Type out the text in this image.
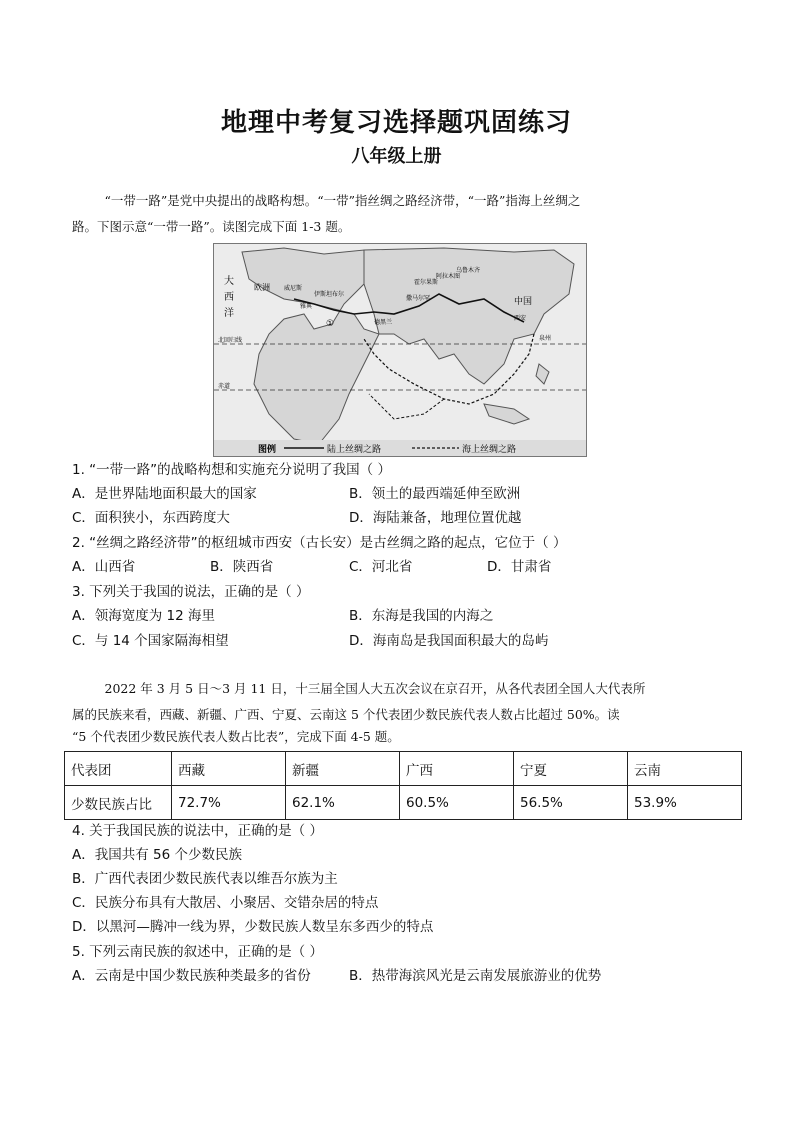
地理中考复习选择题巩固练习
八年级上册
“一带一路”是党中央提出的战略构想。“一带”指丝绸之路经济带，“一路”指海上丝绸之
路。下图示意“一带一路”。读图完成下面 1-3 题。
图例	陆上丝绸之路	海上丝绸之路
大
西
洋
欧洲
伊斯坦布尔
威尼斯
雅典
霍尔果斯
阿拉木图
撒马尔罕
乌鲁木齐
中国
西安
泉州
德黑兰
北回归线
赤道
①
1. “一带一路”的战略构想和实施充分说明了我国（ ）
A．是世界陆地面积最大的国家	B．领土的最西端延伸至欧洲
C．面积狭小，东西跨度大	D．海陆兼备，地理位置优越
2. “丝绸之路经济带”的枢纽城市西安（古长安）是古丝绸之路的起点，它位于（ ）
A．山西省	B．陕西省	C．河北省	D．甘肃省
3. 下列关于我国的说法，正确的是（ ）
A．领海宽度为 12 海里	B．东海是我国的内海之
C．与 14 个国家隔海相望	D．海南岛是我国面积最大的岛屿
2022 年 3 月 5 日～3 月 11 日，十三届全国人大五次会议在京召开，从各代表团全国人大代表所
属的民族来看，西藏、新疆、广西、宁夏、云南这 5 个代表团少数民族代表人数占比超过 50%。读
“5 个代表团少数民族代表人数占比表”，完成下面 4-5 题。
代表团	西藏	新疆	广西	宁夏	云南
少数民族占比	72.7%	62.1%	60.5%	56.5%	53.9%
4. 关于我国民族的说法中，正确的是（ ）
A．我国共有 56 个少数民族
B．广西代表团少数民族代表以维吾尔族为主
C．民族分布具有大散居、小聚居、交错杂居的特点
D．以黑河—腾冲一线为界，少数民族人数呈东多西少的特点
5. 下列云南民族的叙述中，正确的是（ ）
A．云南是中国少数民族种类最多的省份	B．热带海滨风光是云南发展旅游业的优势
